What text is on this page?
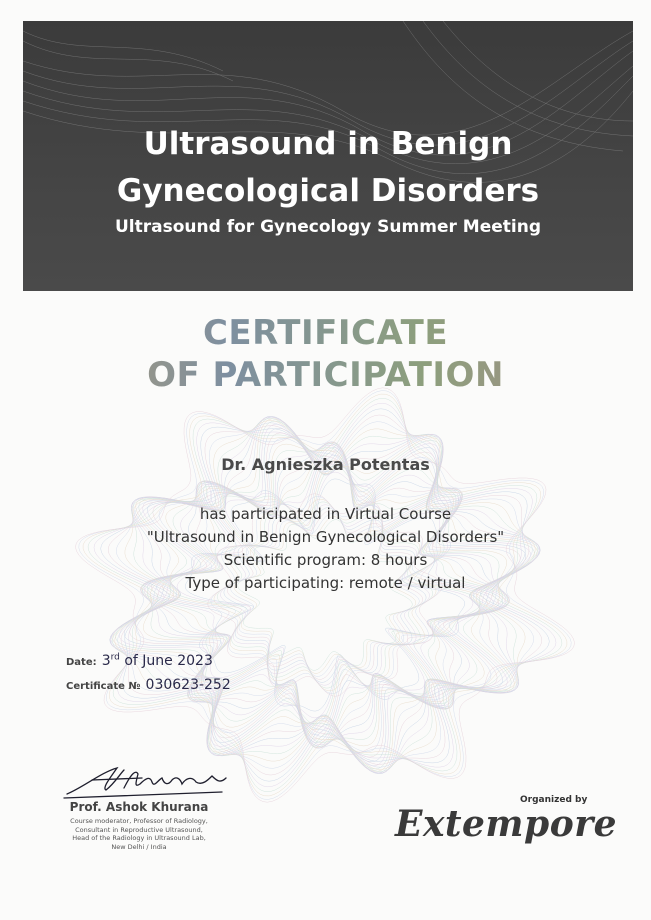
Ultrasound in Benign
Gynecological Disorders
Ultrasound for Gynecology Summer Meeting
CERTIFICATE
OF PARTICIPATION
Dr. Agnieszka Potentas
has participated in Virtual Course
"Ultrasound in Benign Gynecological Disorders"
Scientific program: 8 hours
Type of participating: remote / virtual
Date: 3rd of June 2023
Certificate № 030623-252
Prof. Ashok Khurana
Course moderator, Professor of Radiology,
Consultant in Reproductive Ultrasound,
Head of the Radiology in Ultrasound Lab,
New Delhi / India
Organized by
Extempore
